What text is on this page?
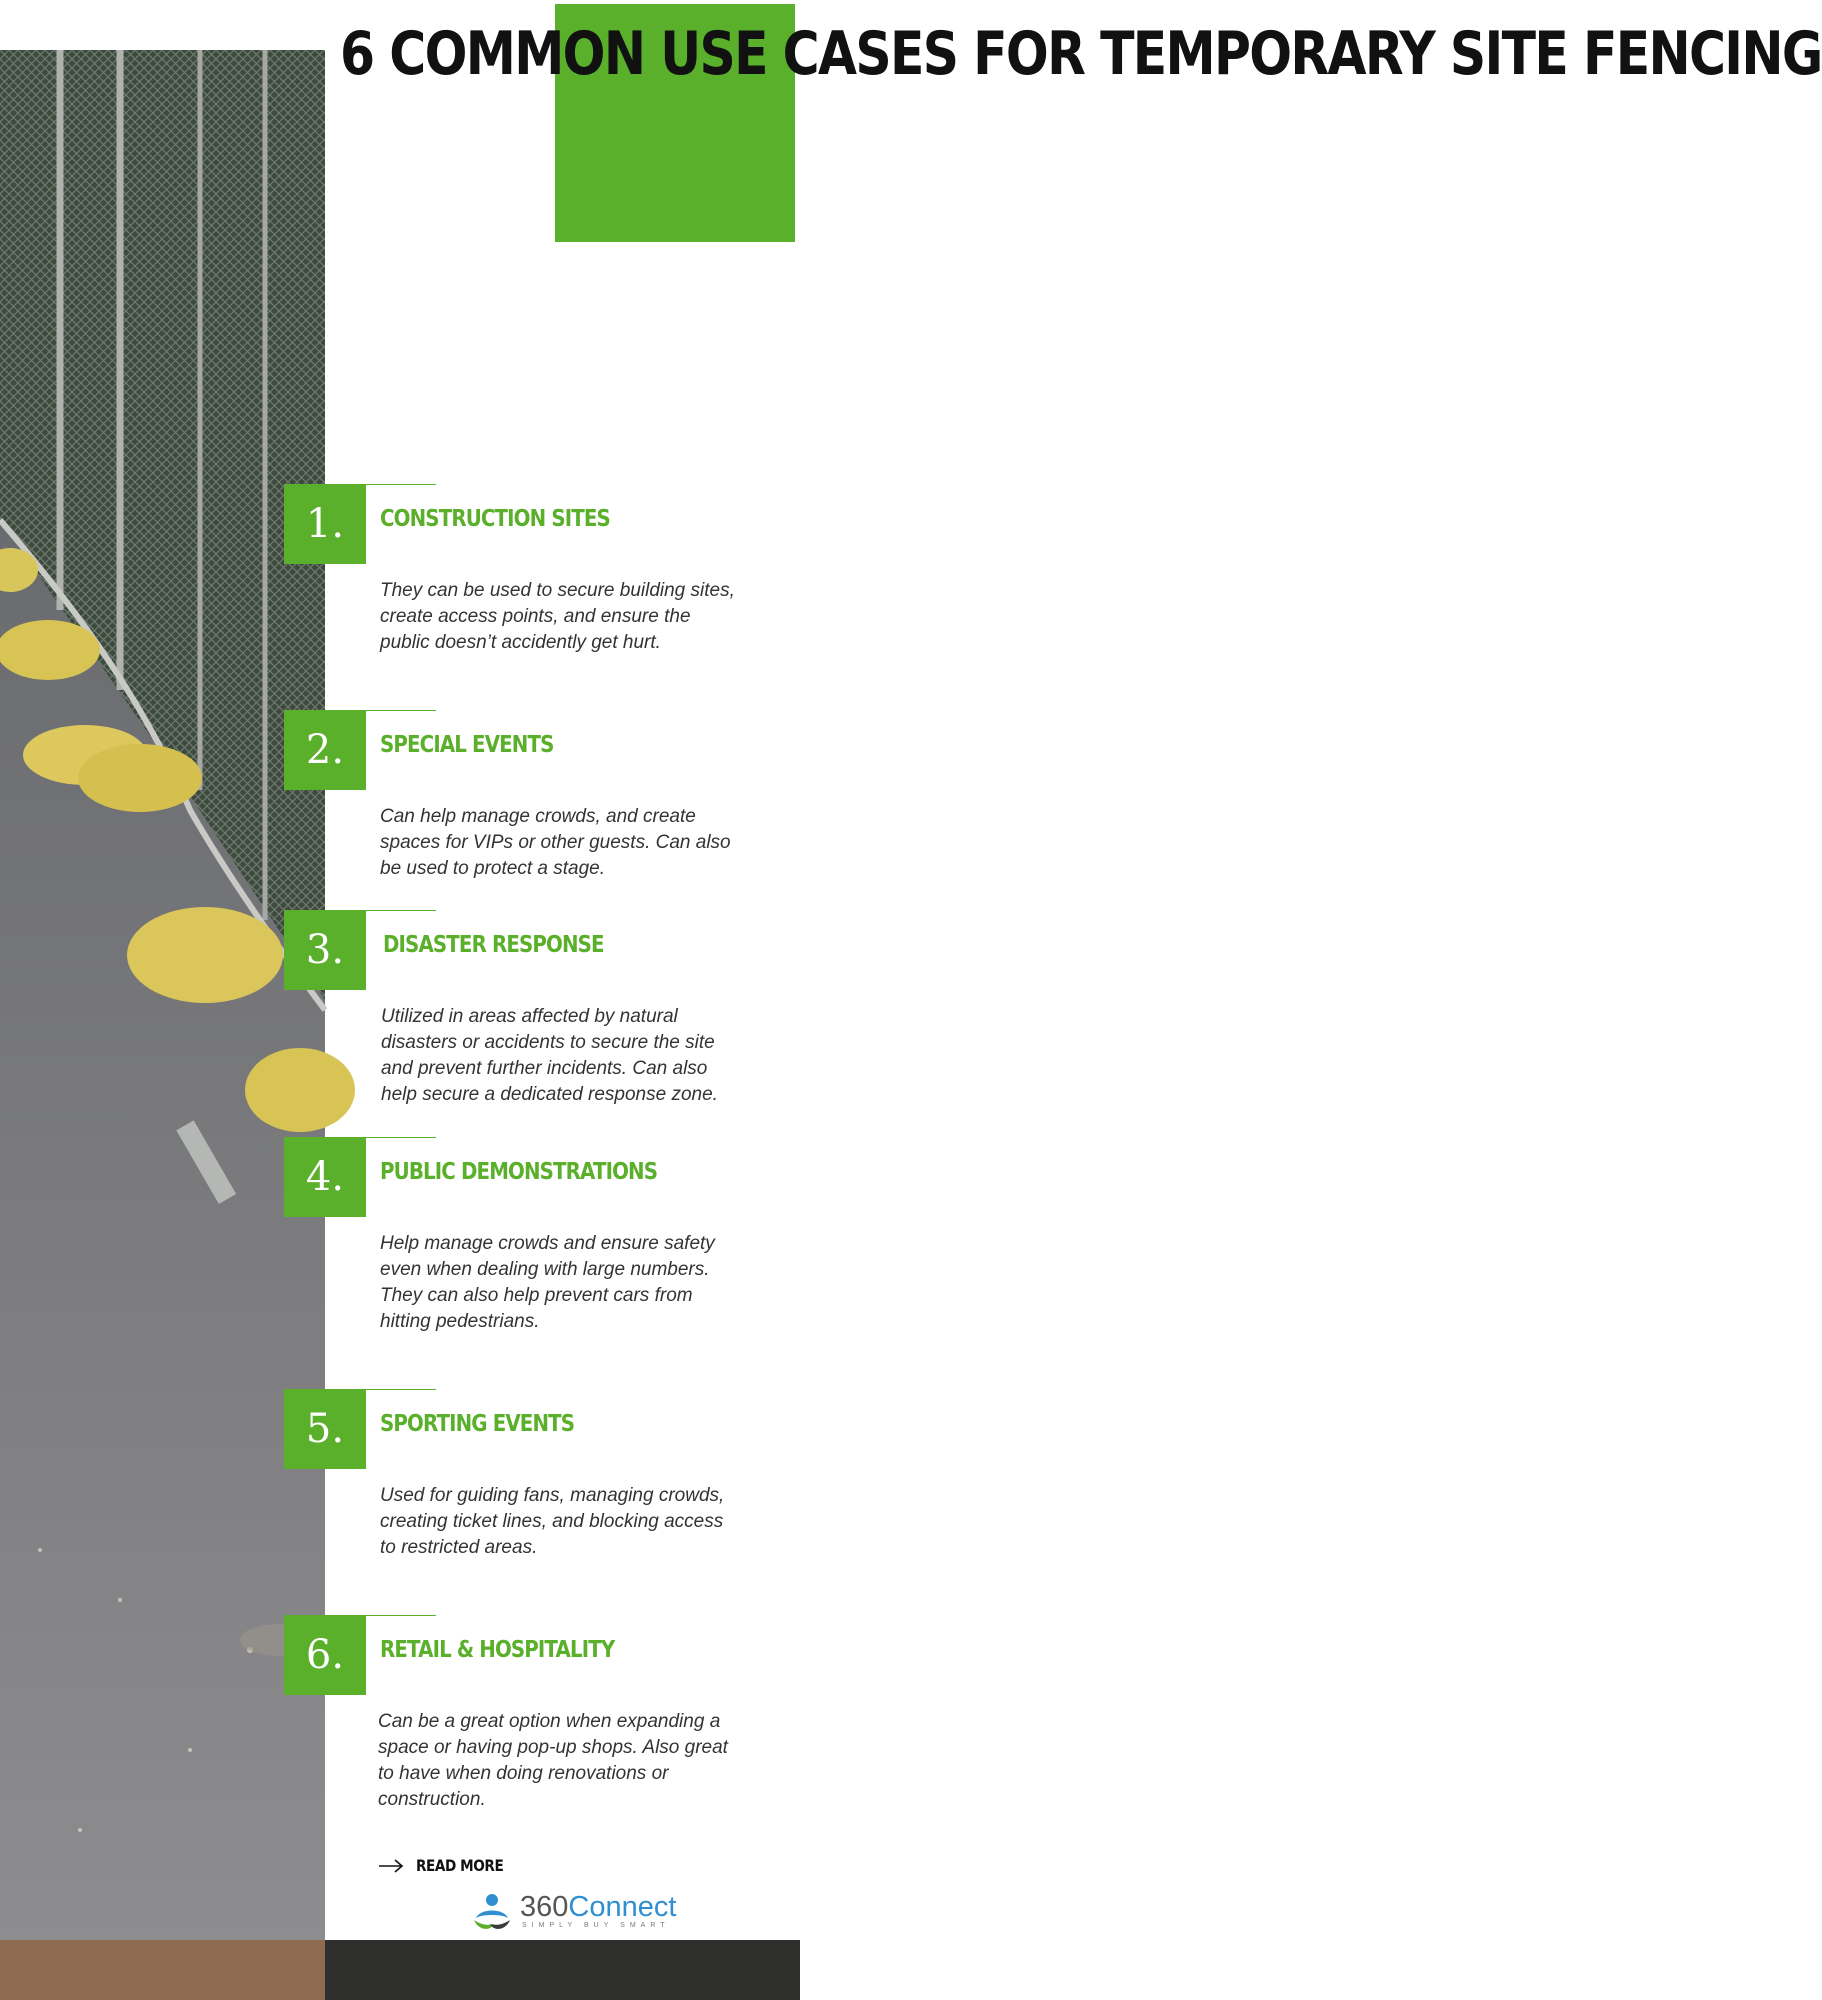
6 COMMON USE CASES FOR TEMPORARY SITE FENCING
1.	CONSTRUCTION SITES

They can be used to secure building sites, create access points, and ensure the public doesn’t accidently get hurt.

2.	SPECIAL EVENTS

Can help manage crowds, and create spaces for VIPs or other guests. Can also be used to protect a stage.

3.	DISASTER RESPONSE

Utilized in areas affected by natural disasters or accidents to secure the site and prevent further incidents. Can also help secure a dedicated response zone.

4.	PUBLIC DEMONSTRATIONS

Help manage crowds and ensure safety even when dealing with large numbers. They can also help prevent cars from hitting pedestrians.

5.	SPORTING EVENTS

Used for guiding fans, managing crowds, creating ticket lines, and blocking access to restricted areas.

6.	RETAIL & HOSPITALITY

Can be a great option when expanding a space or having pop-up shops. Also great to have when doing renovations or construction.

READ MORE
360Connect
SIMPLY BUY SMART
